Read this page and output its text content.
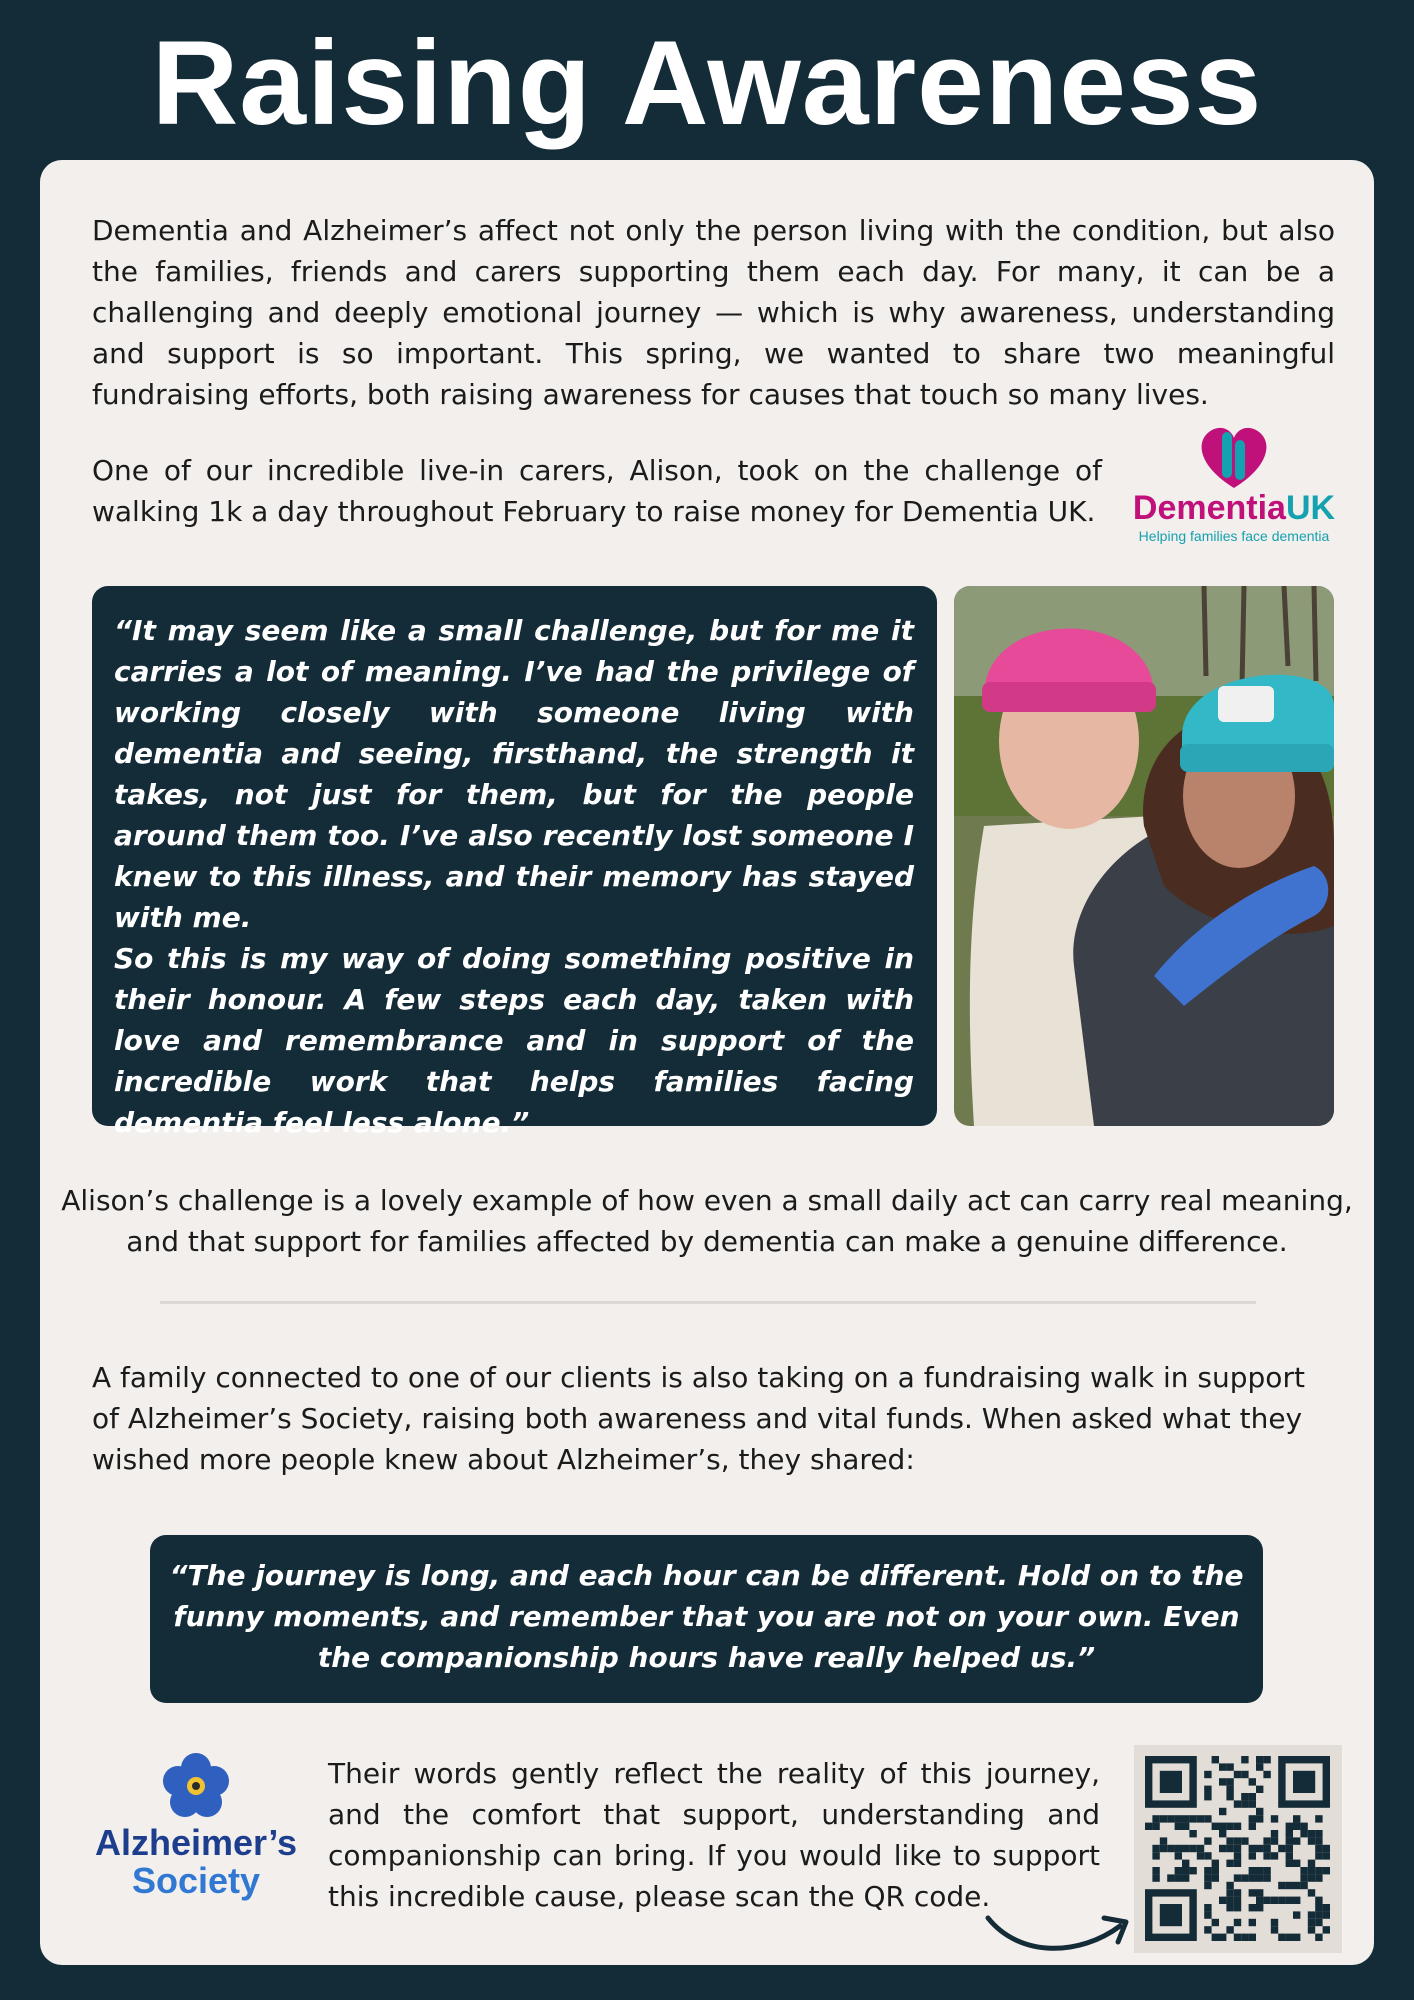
Raising Awareness

Dementia and Alzheimer’s affect not only the person living with the condition, but also the families, friends and carers supporting them each day. For many, it can be a challenging and deeply emotional journey — which is why awareness, understanding and support is so important. This spring, we wanted to share two meaningful fundraising efforts, both raising awareness for causes that touch so many lives.

One of our incredible live-in carers, Alison, took on the challenge of walking 1k a day throughout February to raise money for Dementia UK. DementiaUK
Helping families face dementia

“It may seem like a small challenge, but for me it carries a lot of meaning. I’ve had the privilege of working closely with someone living with dementia and seeing, firsthand, the strength it takes, not just for them, but for the people around them too. I’ve also recently lost someone I knew to this illness, and their memory has stayed with me.

So this is my way of doing something positive in their honour. A few steps each day, taken with love and remembrance and in support of the incredible work that helps families facing dementia feel less alone.”

Alison’s challenge is a lovely example of how even a small daily act can carry real meaning, and that support for families affected by dementia can make a genuine difference.

A family connected to one of our clients is also taking on a fundraising walk in support of Alzheimer’s Society, raising both awareness and vital funds. When asked what they wished more people knew about Alzheimer’s, they shared:

“The journey is long, and each hour can be different. Hold on to the funny moments, and remember that you are not on your own. Even the companionship hours have really helped us.”

Alzheimer’s
Society

Their words gently reflect the reality of this journey, and the comfort that support, understanding and companionship can bring. If you would like to support this incredible cause, please scan the QR code.
